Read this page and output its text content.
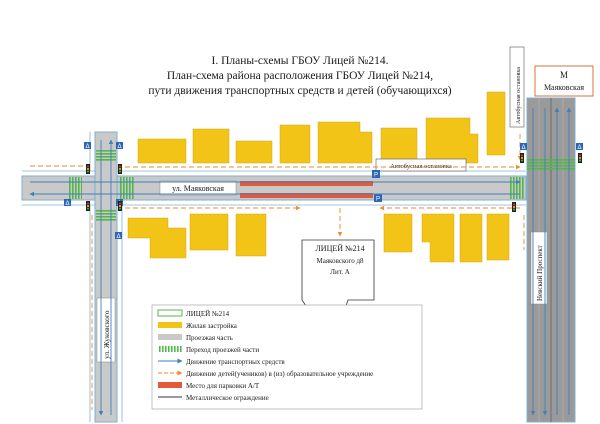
I. Планы-схемы ГБОУ Лицей №214.
План-схема района расположения ГБОУ Лицей №214,
пути движения транспортных средств и детей (обучающихся)
ЛИЦЕЙ №214
Маяковского д8
Лит. А
Автобусная остановка
P
P
ул. Маяковская
ул. Жуковского
Невский Проспект
Автобусная остановка	М
Маяковская
Δ	Δ
Δ
Δ	Δ
Δ
ЛИЦЕЙ №214
Жилая застройка
Проезжая часть
Переход проезжей части
Движение транспортных средств
Движение детей(учеников) в (из) образовательное учреждение
Место для парковки А/Т
Металлическое ограждение
